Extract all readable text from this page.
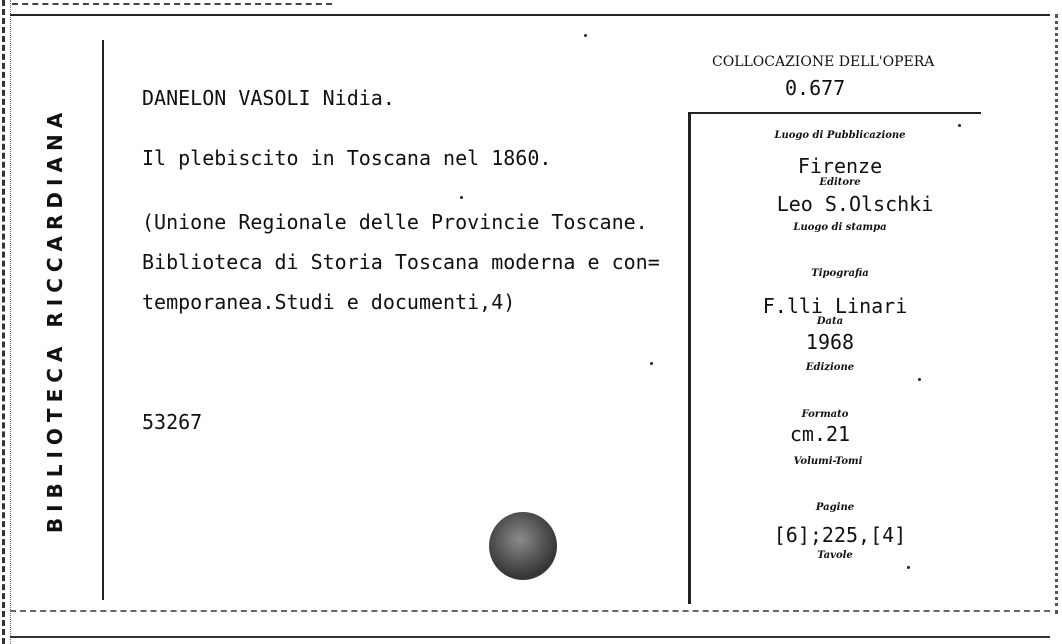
BIBLIOTECA RICCARDIANA
DANELON VASOLI Nidia.
Il plebiscito in Toscana nel 1860.
(Unione Regionale delle Provincie Toscane.
Biblioteca di Storia Toscana moderna e con=
temporanea.Studi e documenti,4)
53267
COLLOCAZIONE DELL'OPERA
0.677
Luogo di Pubblicazione
Firenze
Editore
Leo S.Olschki
Luogo di stampa
Tipografia
F.lli Linari
Data
1968
Edizione
Formato
cm.21
Volumi-Tomi
Pagine
[6];225,[4]
Tavole
